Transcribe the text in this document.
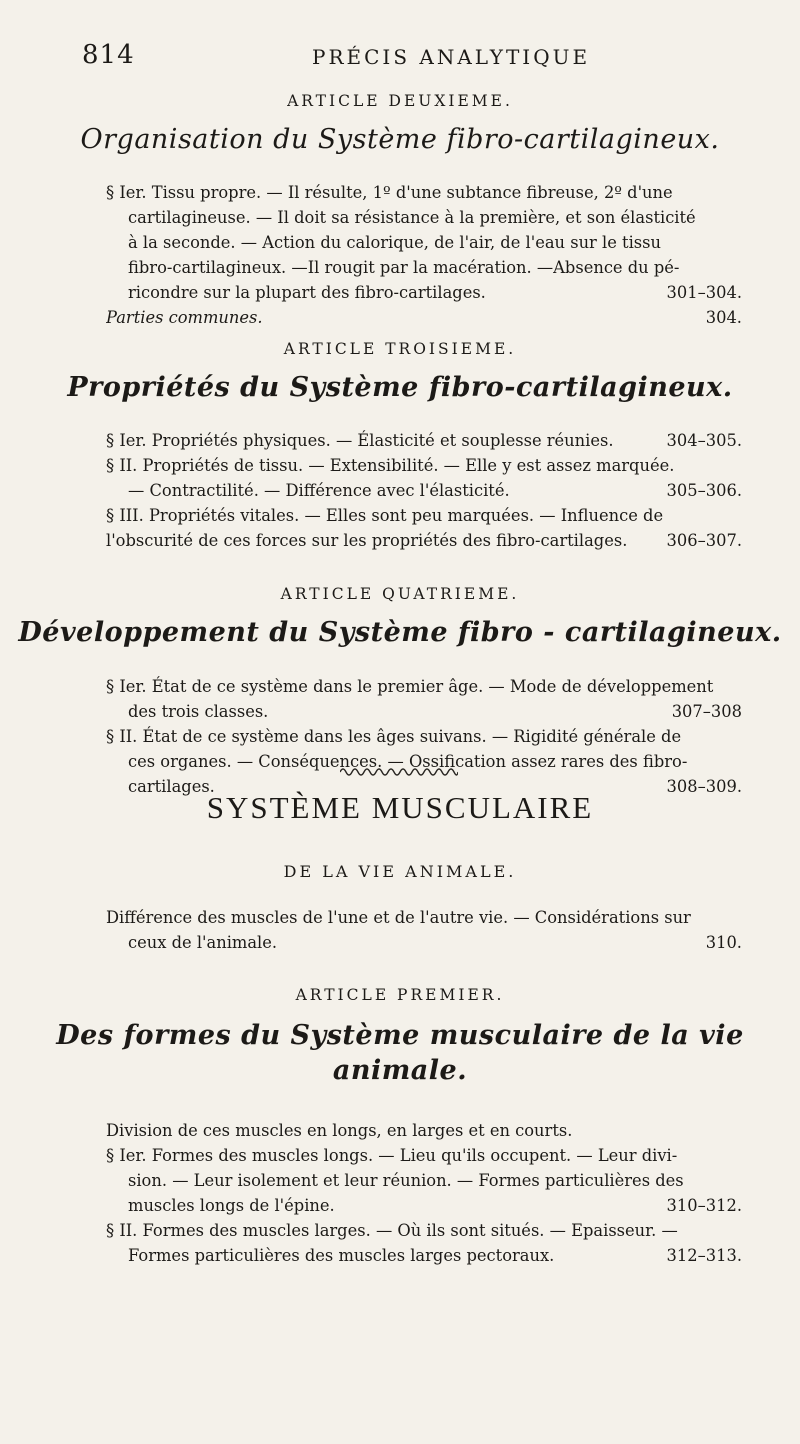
814	PRÉCIS ANALYTIQUE
ARTICLE DEUXIEME.
Organisation du Système fibro-cartilagineux.
§ Ier. Tissu propre. — Il résulte, 1º d'une subtance fibreuse, 2º d'une
cartilagineuse. — Il doit sa résistance à la première, et son élasticité
à la seconde. — Action du calorique, de l'air, de l'eau sur le tissu
fibro-cartilagineux. —Il rougit par la macération. —Absence du pé-
ricondre sur la plupart des fibro-cartilages.	301–304.
Parties communes.	304.
ARTICLE TROISIEME.
Propriétés du Système fibro-cartilagineux.
§ Ier. Propriétés physiques. — Élasticité et souplesse réunies.	304–305.
§ II. Propriétés de tissu. — Extensibilité. — Elle y est assez marquée.
— Contractilité. — Différence avec l'élasticité.	305–306.
§ III. Propriétés vitales. — Elles sont peu marquées. — Influence de
l'obscurité de ces forces sur les propriétés des fibro-cartilages. 306–307.
ARTICLE QUATRIEME.
Développement du Système fibro - cartilagineux.
§ Ier. État de ce système dans le premier âge. — Mode de développement
des trois classes.	307–308
§ II. État de ce système dans les âges suivans. — Rigidité générale de
ces organes. — Conséquences. — Ossification assez rares des fibro-
cartilages.	308–309.
SYSTÈME MUSCULAIRE
DE LA VIE ANIMALE.
Différence des muscles de l'une et de l'autre vie. — Considérations sur
ceux de l'animale.	310.
ARTICLE PREMIER.
Des formes du Système musculaire de la vie
animale.
Division de ces muscles en longs, en larges et en courts.
§ Ier. Formes des muscles longs. — Lieu qu'ils occupent. — Leur divi-
sion. — Leur isolement et leur réunion. — Formes particulières des
muscles longs de l'épine.	310–312.
§ II. Formes des muscles larges. — Où ils sont situés. — Epaisseur. —
Formes particulières des muscles larges pectoraux.	312–313.
